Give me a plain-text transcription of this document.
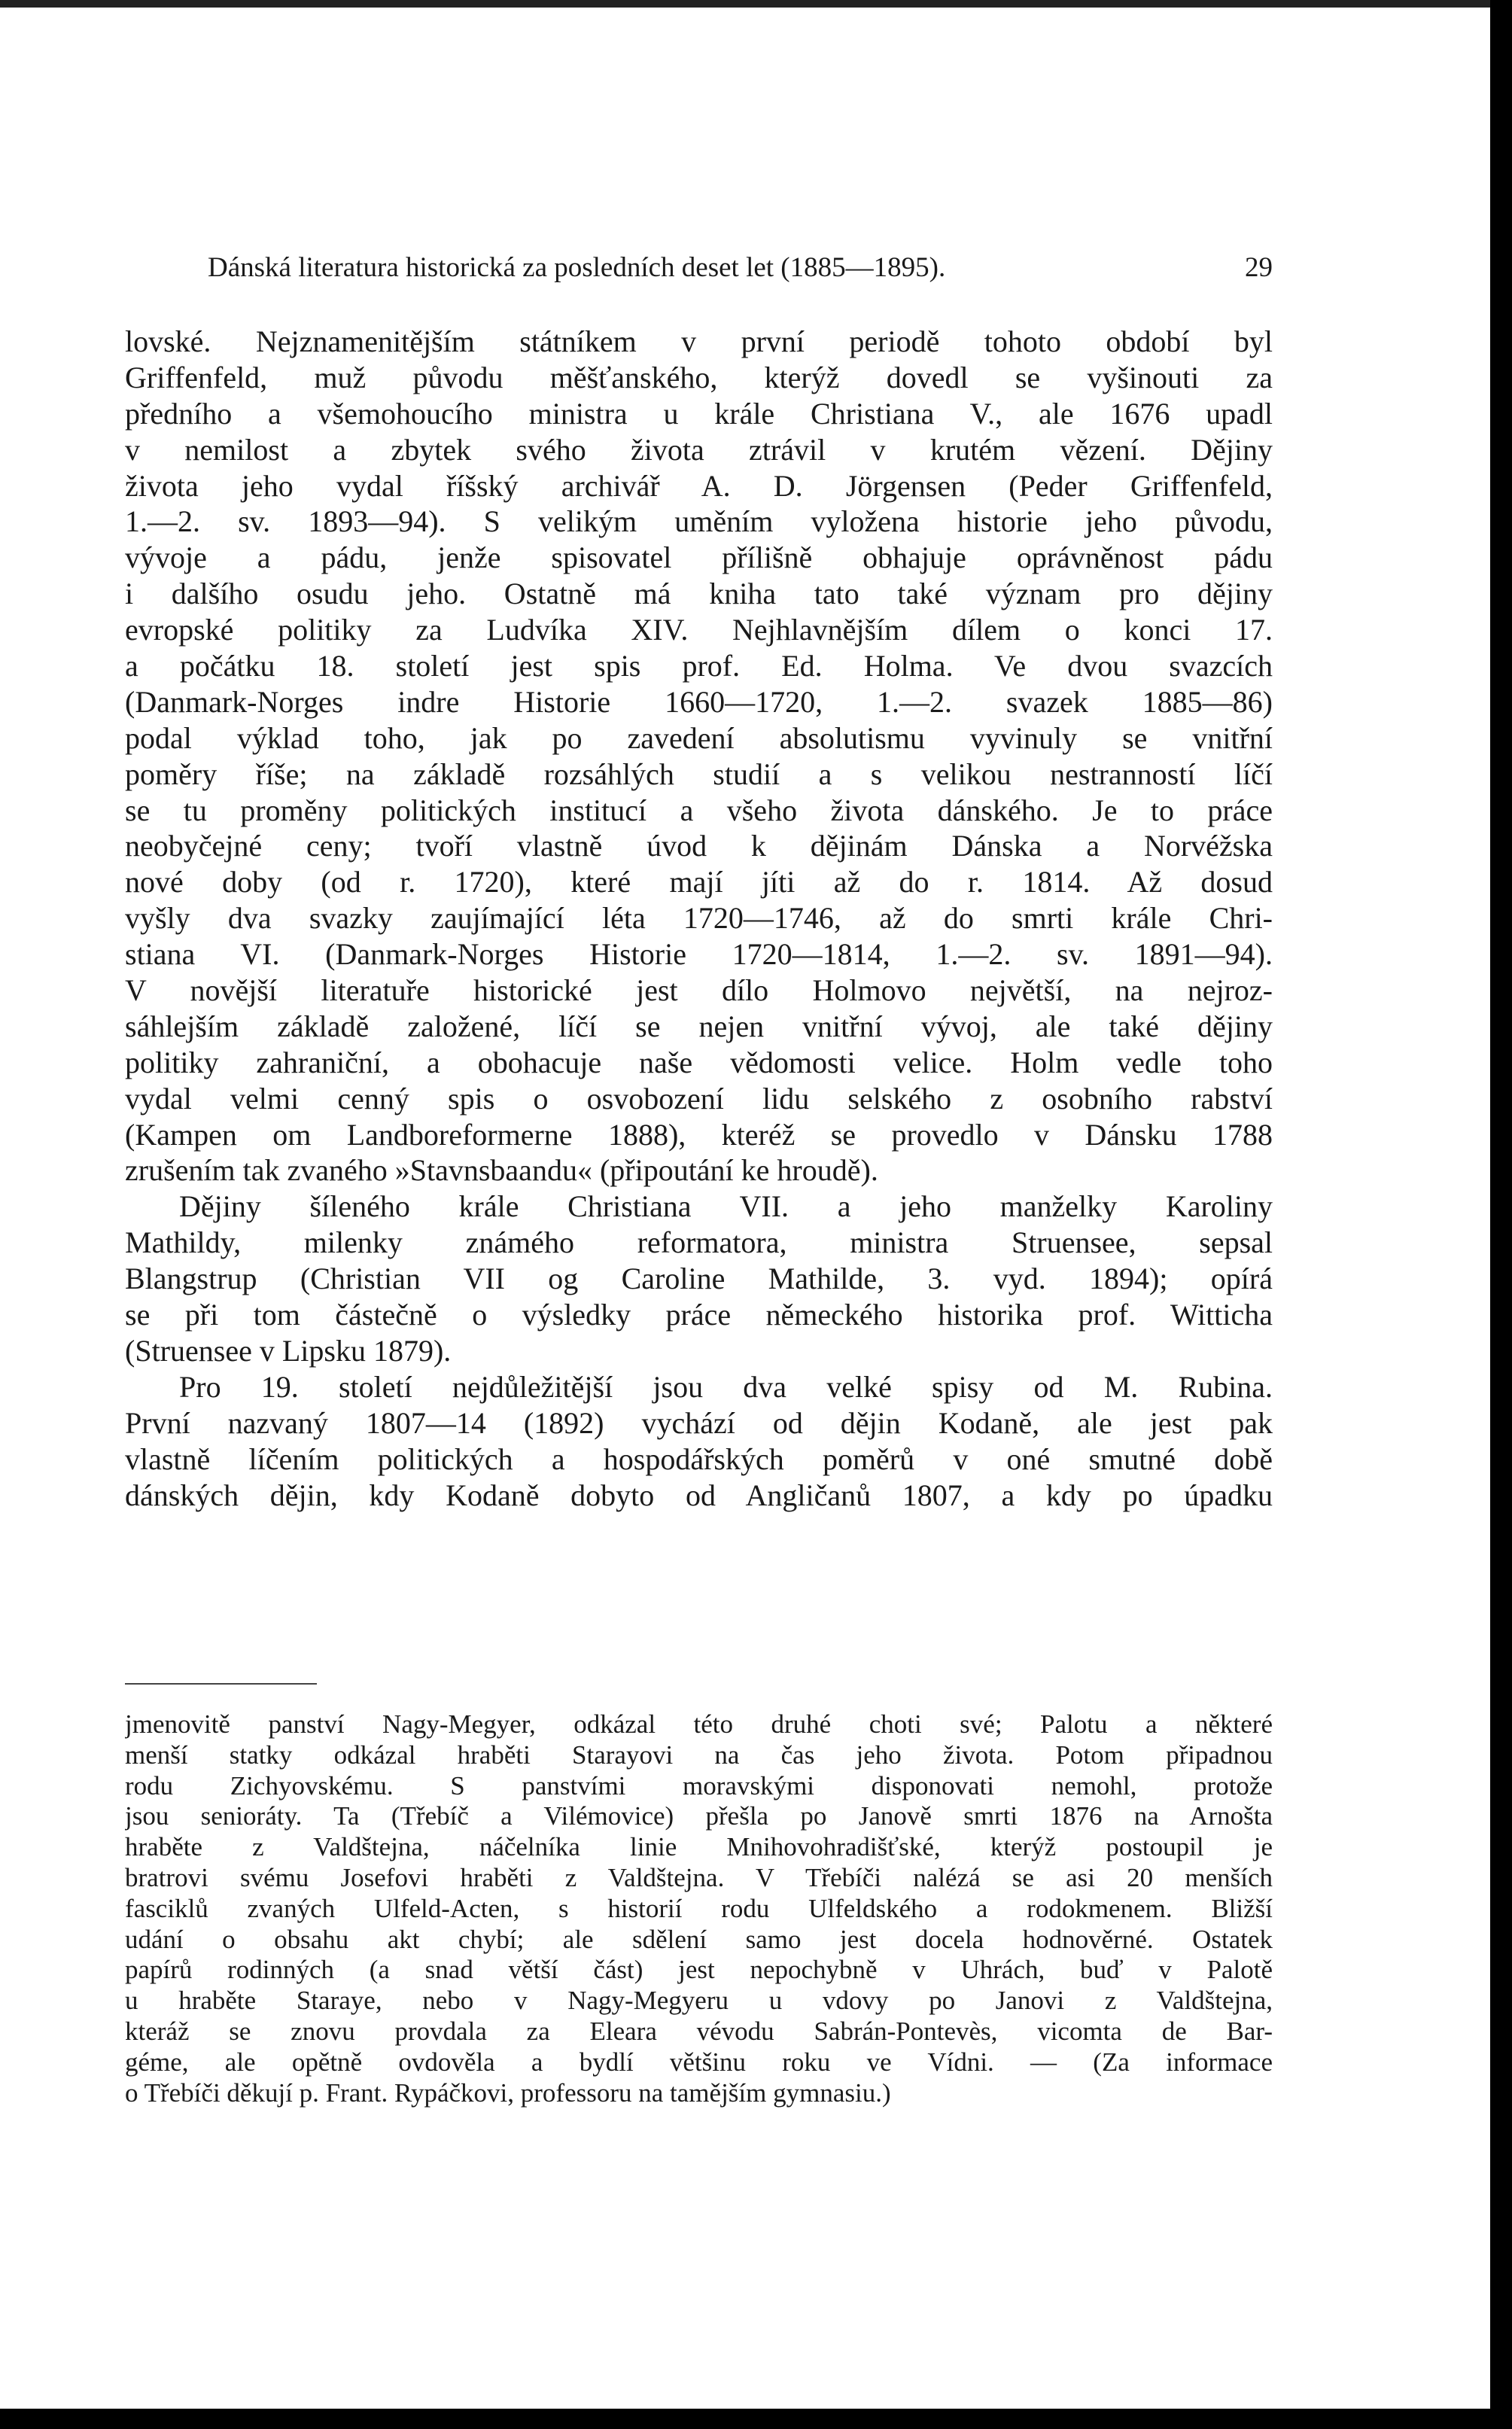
Dánská literatura historická za posledních deset let (1885—1895).	29
lovské. Nejznamenitějším státníkem v první periodě tohoto období byl
Griffenfeld, muž původu měšťanského, kterýž dovedl se vyšinouti za
předního a všemohoucího ministra u krále Christiana V., ale 1676 upadl
v nemilost a zbytek svého života ztrávil v krutém vězení. Dějiny
života jeho vydal říšský archivář A. D. Jörgensen (Peder Griffenfeld,
1.—2. sv. 1893—94). S velikým uměním vyložena historie jeho původu,
vývoje a pádu, jenže spisovatel přílišně obhajuje oprávněnost pádu
i dalšího osudu jeho. Ostatně má kniha tato také význam pro dějiny
evropské politiky za Ludvíka XIV. Nejhlavnějším dílem o konci 17.
a počátku 18. století jest spis prof. Ed. Holma. Ve dvou svazcích
(Danmark-Norges indre Historie 1660—1720, 1.—2. svazek 1885—86)
podal výklad toho, jak po zavedení absolutismu vyvinuly se vnitřní
poměry říše; na základě rozsáhlých studií a s velikou nestranností líčí
se tu proměny politických institucí a všeho života dánského. Je to práce
neobyčejné ceny; tvoří vlastně úvod k dějinám Dánska a Norvéžska
nové doby (od r. 1720), které mají jíti až do r. 1814. Až dosud
vyšly dva svazky zaujímající léta 1720—1746, až do smrti krále Chri-
stiana VI. (Danmark-Norges Historie 1720—1814, 1.—2. sv. 1891—94).
V novější literatuře historické jest dílo Holmovo největší, na nejroz-
sáhlejším základě založené, líčí se nejen vnitřní vývoj, ale také dějiny
politiky zahraniční, a obohacuje naše vědomosti velice. Holm vedle toho
vydal velmi cenný spis o osvobození lidu selského z osobního rabství
(Kampen om Landboreformerne 1888), kteréž se provedlo v Dánsku 1788
zrušením tak zvaného »Stavnsbaandu« (připoutání ke hroudě).
Dějiny šíleného krále Christiana VII. a jeho manželky Karoliny
Mathildy, milenky známého reformatora, ministra Struensee, sepsal
Blangstrup (Christian VII og Caroline Mathilde, 3. vyd. 1894); opírá
se při tom částečně o výsledky práce německého historika prof. Witticha
(Struensee v Lipsku 1879).
Pro 19. století nejdůležitější jsou dva velké spisy od M. Rubina.
První nazvaný 1807—14 (1892) vychází od dějin Kodaně, ale jest pak
vlastně líčením politických a hospodářských poměrů v oné smutné době
dánských dějin, kdy Kodaně dobyto od Angličanů 1807, a kdy po úpadku
jmenovitě panství Nagy-Megyer, odkázal této druhé choti své; Palotu a některé
menší statky odkázal hraběti Starayovi na čas jeho života. Potom připadnou
rodu Zichyovskému. S panstvími moravskými disponovati nemohl, protože
jsou senioráty. Ta (Třebíč a Vilémovice) přešla po Janově smrti 1876 na Arnošta
hraběte z Valdštejna, náčelníka linie Mnihovohradišťské, kterýž postoupil je
bratrovi svému Josefovi hraběti z Valdštejna. V Třebíči nalézá se asi 20 menších
fasciklů zvaných Ulfeld-Acten, s historií rodu Ulfeldského a rodokmenem. Bližší
udání o obsahu akt chybí; ale sdělení samo jest docela hodnověrné. Ostatek
papírů rodinných (a snad větší část) jest nepochybně v Uhrách, buď v Palotě
u hraběte Staraye, nebo v Nagy-Megyeru u vdovy po Janovi z Valdštejna,
kteráž se znovu provdala za Eleara vévodu Sabrán-Pontevès, vicomta de Bar-
géme, ale opětně ovdověla a bydlí většinu roku ve Vídni. — (Za informace
o Třebíči děkují p. Frant. Rypáčkovi, professoru na tamějším gymnasiu.)
